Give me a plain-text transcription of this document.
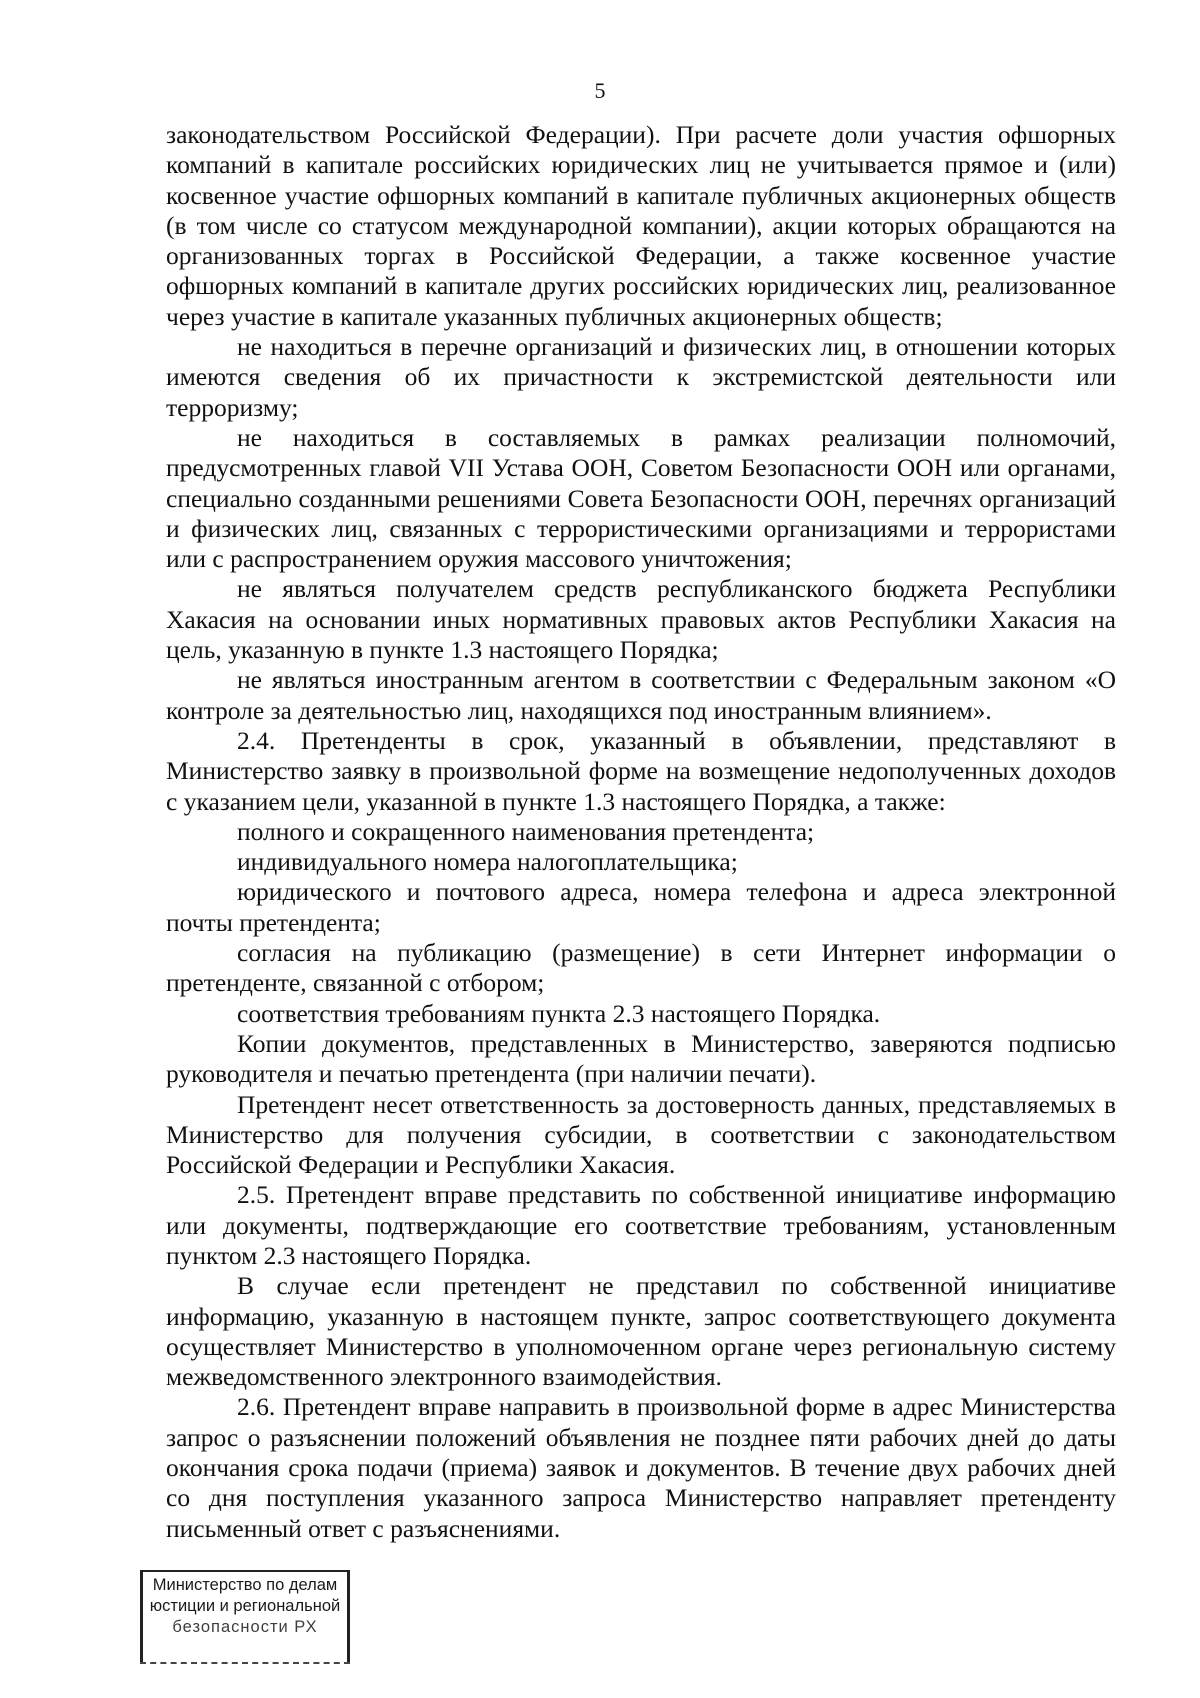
5

законодательством Российской Федерации). При расчете доли участия офшорных компаний в капитале российских юридических лиц не учитывается прямое и (или) косвенное участие офшорных компаний в капитале публичных акционерных обществ (в том числе со статусом международной компании), акции которых обращаются на организованных торгах в Российской Федерации, а также косвенное участие офшорных компаний в капитале других российских юридических лиц, реализованное через участие в капитале указанных публичных акционерных обществ;

не находиться в перечне организаций и физических лиц, в отношении которых имеются сведения об их причастности к экстремистской деятельности или терроризму;

не находиться в составляемых в рамках реализации полномочий, предусмотренных главой VII Устава ООН, Советом Безопасности ООН или органами, специально созданными решениями Совета Безопасности ООН, перечнях организаций и физических лиц, связанных с террористическими организациями и террористами или с распространением оружия массового уничтожения;

не являться получателем средств республиканского бюджета Республики Хакасия на основании иных нормативных правовых актов Республики Хакасия на цель, указанную в пункте 1.3 настоящего Порядка;

не являться иностранным агентом в соответствии с Федеральным законом «О контроле за деятельностью лиц, находящихся под иностранным влиянием».

2.4. Претенденты в срок, указанный в объявлении, представляют в Министерство заявку в произвольной форме на возмещение недополученных доходов с указанием цели, указанной в пункте 1.3 настоящего Порядка, а также:

полного и сокращенного наименования претендента;

индивидуального номера налогоплательщика;

юридического и почтового адреса, номера телефона и адреса электронной почты претендента;

согласия на публикацию (размещение) в сети Интернет информации о претенденте, связанной с отбором;

соответствия требованиям пункта 2.3 настоящего Порядка.

Копии документов, представленных в Министерство, заверяются подписью руководителя и печатью претендента (при наличии печати).

Претендент несет ответственность за достоверность данных, представляемых в Министерство для получения субсидии, в соответствии с законодательством Российской Федерации и Республики Хакасия.

2.5. Претендент вправе представить по собственной инициативе информацию или документы, подтверждающие его соответствие требованиям, установленным пунктом 2.3 настоящего Порядка.

В случае если претендент не представил по собственной инициативе информацию, указанную в настоящем пункте, запрос соответствующего документа осуществляет Министерство в уполномоченном органе через региональную систему межведомственного электронного взаимодействия.

2.6. Претендент вправе направить в произвольной форме в адрес Министерства запрос о разъяснении положений объявления не позднее пяти рабочих дней до даты окончания срока подачи (приема) заявок и документов. В течение двух рабочих дней со дня поступления указанного запроса Министерство направляет претенденту письменный ответ с разъяснениями.

Министерство по делам
юстиции и региональной
безопасности РХ
